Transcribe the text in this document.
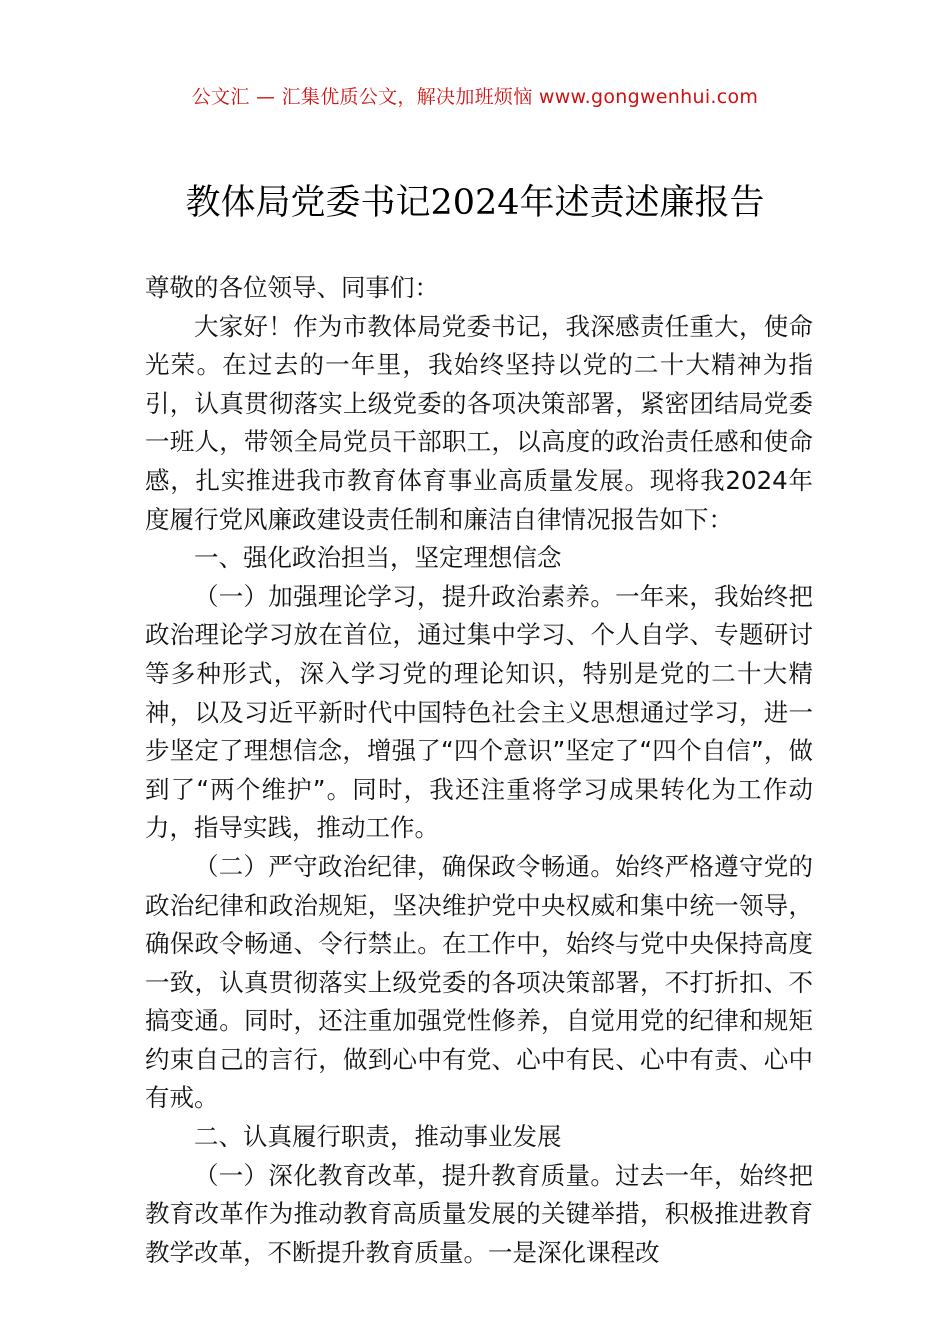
公文汇 — 汇集优质公文，解决加班烦恼 www.gongwenhui.com
教体局党委书记2024年述责述廉报告

尊敬的各位领导、同事们：

大家好！作为市教体局党委书记，我深感责任重大，使命光荣。在过去的一年里，我始终坚持以党的二十大精神为指引，认真贯彻落实上级党委的各项决策部署，紧密团结局党委一班人，带领全局党员干部职工，以高度的政治责任感和使命感，扎实推进我市教育体育事业高质量发展。现将我2024年度履行党风廉政建设责任制和廉洁自律情况报告如下：

一、强化政治担当，坚定理想信念

（一）加强理论学习，提升政治素养。一年来，我始终把政治理论学习放在首位，通过集中学习、个人自学、专题研讨等多种形式，深入学习党的理论知识，特别是党的二十大精神，以及习近平新时代中国特色社会主义思想通过学习，进一步坚定了理想信念，增强了“四个意识”坚定了“四个自信”，做到了“两个维护”。同时，我还注重将学习成果转化为工作动力，指导实践，推动工作。

（二）严守政治纪律，确保政令畅通。始终严格遵守党的政治纪律和政治规矩，坚决维护党中央权威和集中统一领导，确保政令畅通、令行禁止。在工作中，始终与党中央保持高度一致，认真贯彻落实上级党委的各项决策部署，不打折扣、不搞变通。同时，还注重加强党性修养，自觉用党的纪律和规矩约束自己的言行，做到心中有党、心中有民、心中有责、心中有戒。

二、认真履行职责，推动事业发展

（一）深化教育改革，提升教育质量。过去一年，始终把教育改革作为推动教育高质量发展的关键举措，积极推进教育教学改革，不断提升教育质量。一是深化课程改
